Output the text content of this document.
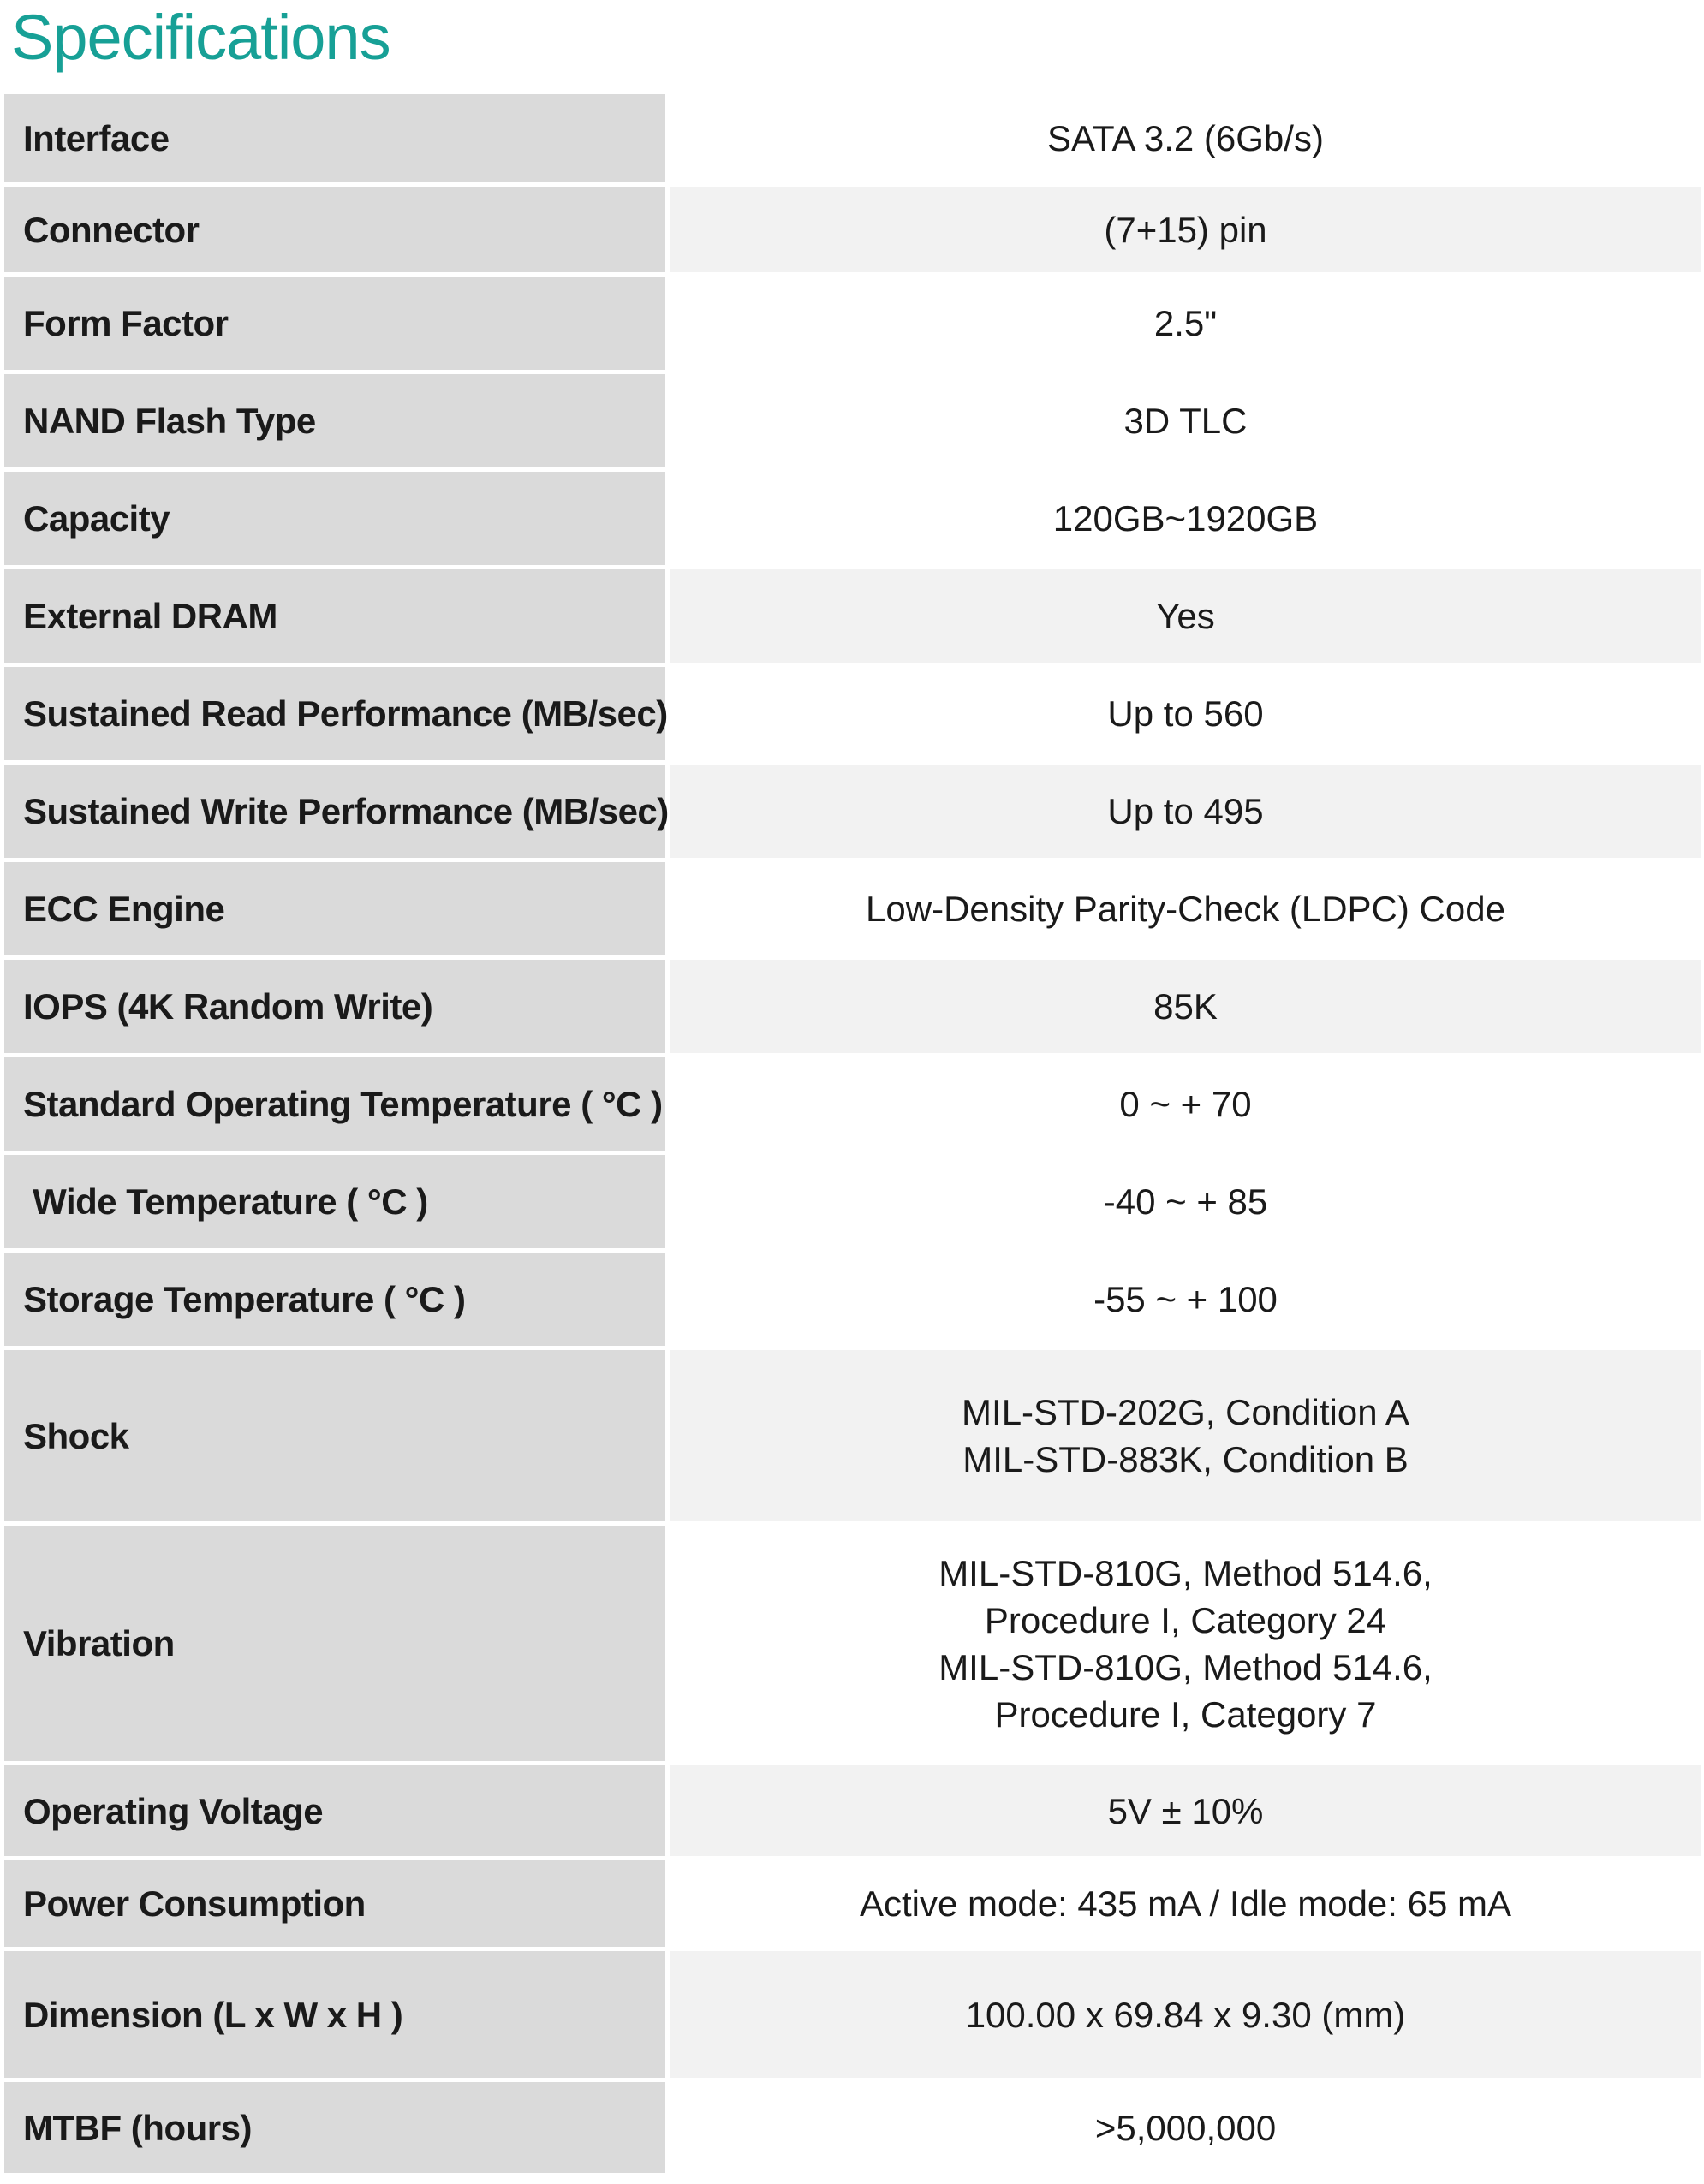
Specifications
Interface	SATA 3.2 (6Gb/s)

Connector	(7+15) pin

Form Factor	2.5"

NAND Flash Type	3D TLC

Capacity	120GB~1920GB

External DRAM	Yes

Sustained Read Performance (MB/sec)	Up to 560

Sustained Write Performance (MB/sec)	Up to 495

ECC Engine	Low-Density Parity-Check (LDPC) Code

IOPS (4K Random Write)	85K

Standard Operating Temperature ( °C )	0 ~ + 70

Wide Temperature ( °C )	-40 ~ + 85

Storage Temperature ( °C )	-55 ~ + 100

Shock	MIL-STD-202G, Condition A
MIL-STD-883K, Condition B

Vibration	MIL-STD-810G, Method 514.6,
Procedure I, Category 24
MIL-STD-810G, Method 514.6,
Procedure I, Category 7

Operating Voltage	5V ± 10%

Power Consumption	Active mode: 435 mA / Idle mode: 65 mA

Dimension (L x W x H )	100.00 x 69.84 x 9.30 (mm)

MTBF (hours)	>5,000,000
